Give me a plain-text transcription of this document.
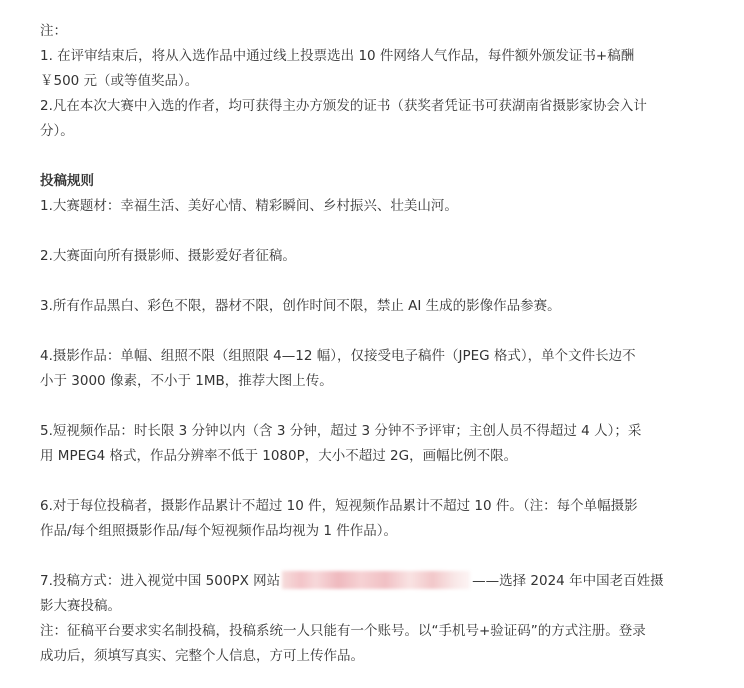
注：
1. 在评审结束后，将从入选作品中通过线上投票选出 10 件网络人气作品，每件额外颁发证书+稿酬
￥500 元（或等值奖品）。
2.凡在本次大赛中入选的作者，均可获得主办方颁发的证书（获奖者凭证书可获湖南省摄影家协会入计
分）。
投稿规则
1.大赛题材：幸福生活、美好心情、精彩瞬间、乡村振兴、壮美山河。
2.大赛面向所有摄影师、摄影爱好者征稿。
3.所有作品黑白、彩色不限，器材不限，创作时间不限，禁止 AI 生成的影像作品参赛。
4.摄影作品：单幅、组照不限（组照限 4—12 幅），仅接受电子稿件（JPEG 格式），单个文件长边不
小于 3000 像素，不小于 1MB，推荐大图上传。
5.短视频作品：时长限 3 分钟以内（含 3 分钟，超过 3 分钟不予评审；主创人员不得超过 4 人）；采
用 MPEG4 格式，作品分辨率不低于 1080P，大小不超过 2G，画幅比例不限。
6.对于每位投稿者，摄影作品累计不超过 10 件，短视频作品累计不超过 10 件。（注：每个单幅摄影
作品/每个组照摄影作品/每个短视频作品均视为 1 件作品）。
7.投稿方式：进入视觉中国 500PX 网站	——选择 2024 年中国老百姓摄
影大赛投稿。
注：征稿平台要求实名制投稿，投稿系统一人只能有一个账号。以“手机号+验证码”的方式注册。登录
成功后，须填写真实、完整个人信息，方可上传作品。
